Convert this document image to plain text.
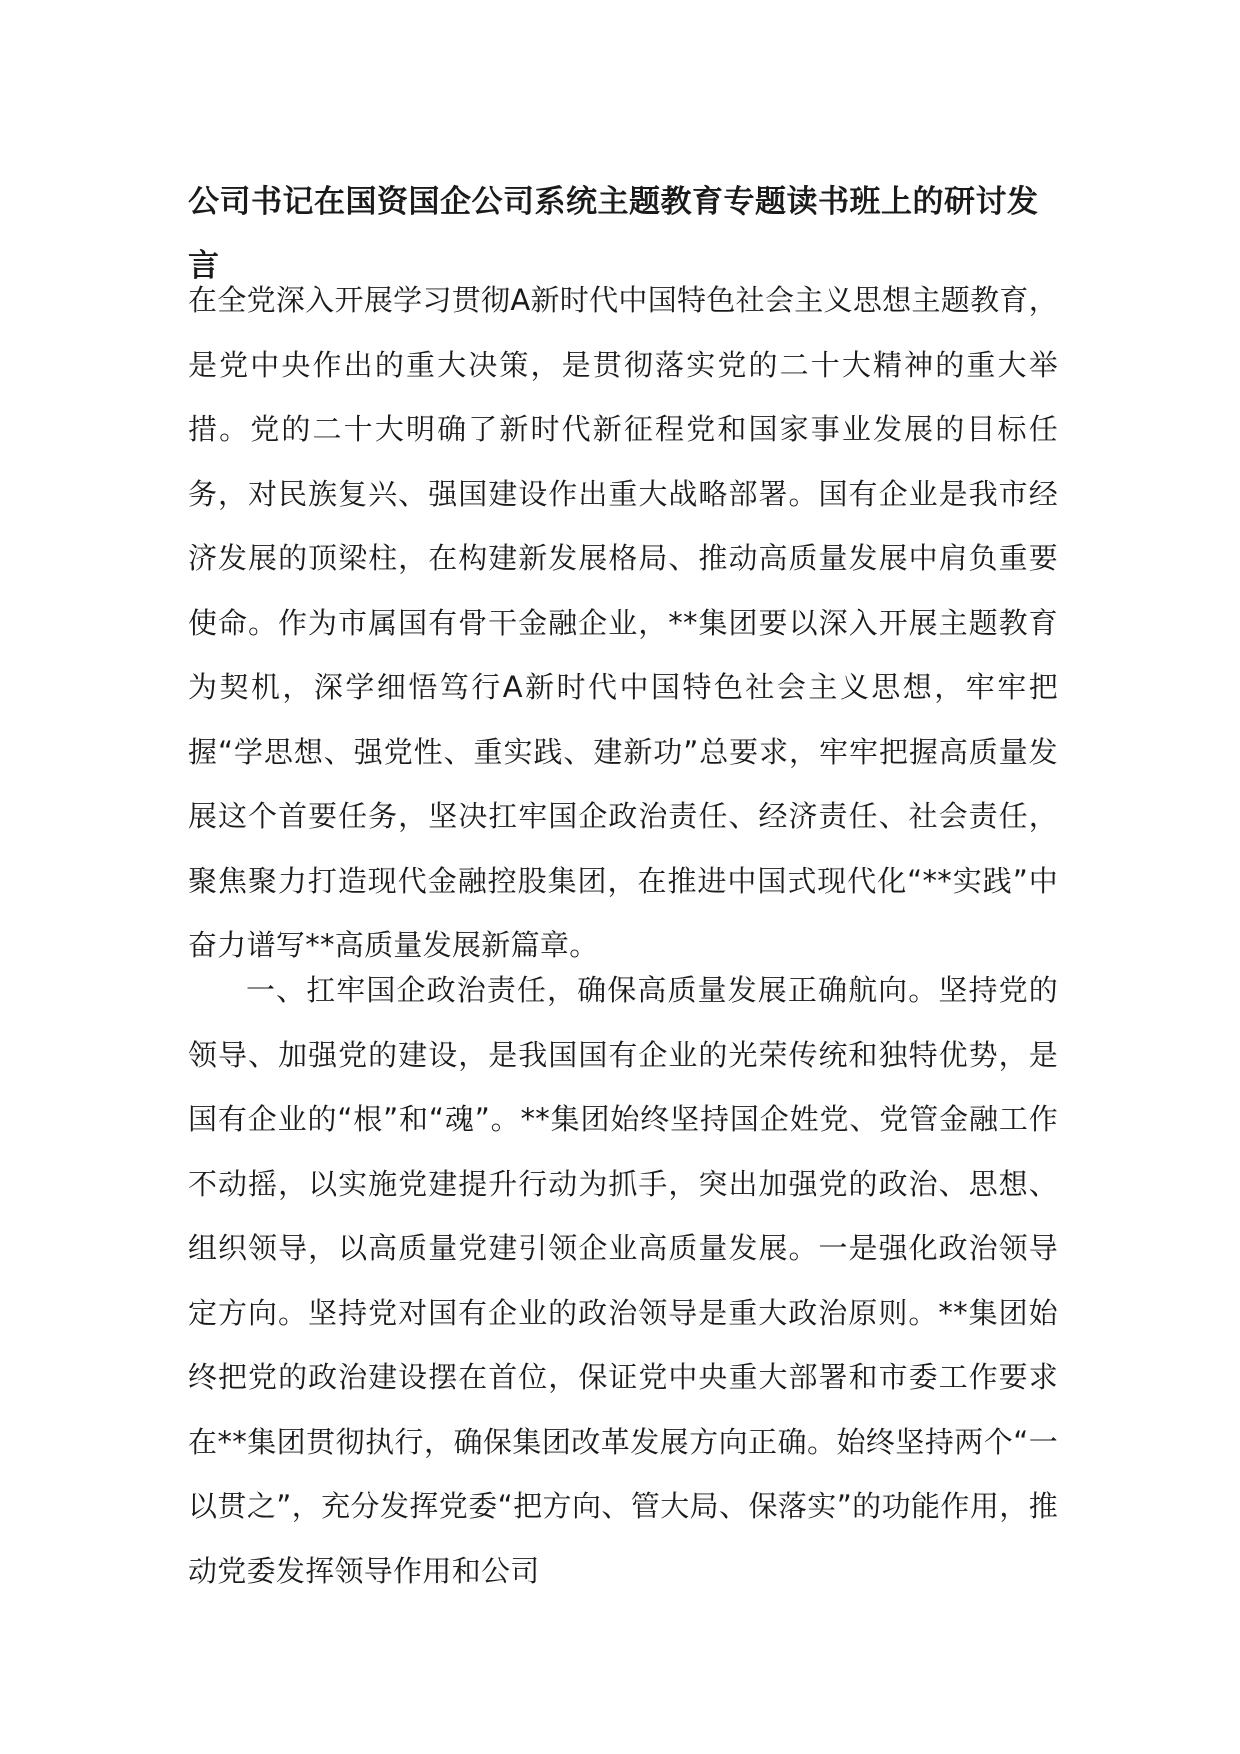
公司书记在国资国企公司系统主题教育专题读书班上的研讨发言

在全党深入开展学习贯彻A新时代中国特色社会主义思想主题教育，是党中央作出的重大决策，是贯彻落实党的二十大精神的重大举措。党的二十大明确了新时代新征程党和国家事业发展的目标任务，对民族复兴、强国建设作出重大战略部署。国有企业是我市经济发展的顶梁柱，在构建新发展格局、推动高质量发展中肩负重要使命。作为市属国有骨干金融企业，**集团要以深入开展主题教育为契机，深学细悟笃行A新时代中国特色社会主义思想，牢牢把握“学思想、强党性、重实践、建新功”总要求，牢牢把握高质量发展这个首要任务，坚决扛牢国企政治责任、经济责任、社会责任，聚焦聚力打造现代金融控股集团，在推进中国式现代化“**实践”中奋力谱写**高质量发展新篇章。

一、扛牢国企政治责任，确保高质量发展正确航向。坚持党的领导、加强党的建设，是我国国有企业的光荣传统和独特优势，是国有企业的“根”和“魂”。**集团始终坚持国企姓党、党管金融工作不动摇，以实施党建提升行动为抓手，突出加强党的政治、思想、组织领导，以高质量党建引领企业高质量发展。一是强化政治领导定方向。坚持党对国有企业的政治领导是重大政治原则。**集团始终把党的政治建设摆在首位，保证党中央重大部署和市委工作要求在**集团贯彻执行，确保集团改革发展方向正确。始终坚持两个“一以贯之”，充分发挥党委“把方向、管大局、保落实”的功能作用，推动党委发挥领导作用和公司
